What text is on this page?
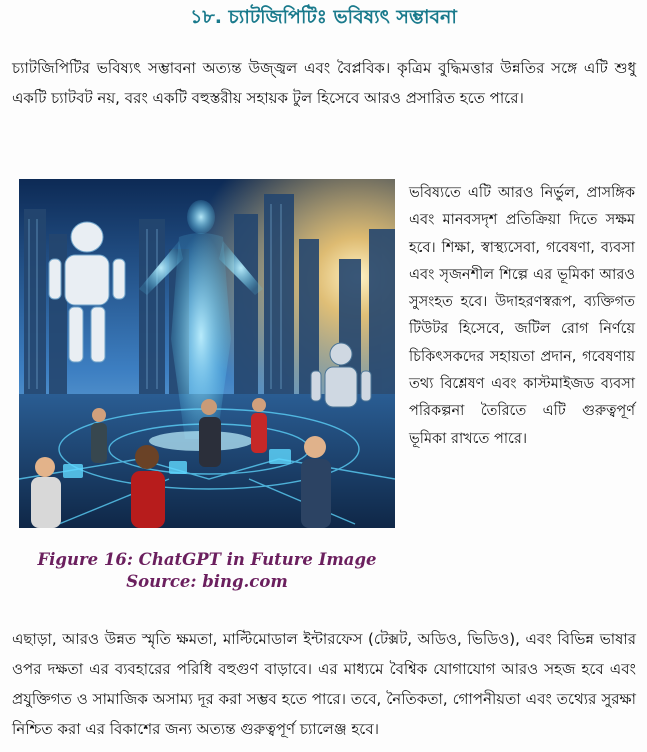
১৮. চ্যাটজিপিটিঃ ভবিষ্যৎ সম্ভাবনা
চ্যাটজিপিটির ভবিষ্যৎ সম্ভাবনা অত্যন্ত উজ্জ্বল এবং বৈপ্লবিক। কৃত্রিম বুদ্ধিমত্তার উন্নতির সঙ্গে এটি শুধু একটি চ্যাটবট নয়, বরং একটি বহুস্তরীয় সহায়ক টুল হিসেবে আরও প্রসারিত হতে পারে।
Figure 16: ChatGPT in Future Image Source: bing.com
ভবিষ্যতে এটি আরও নির্ভুল, প্রাসঙ্গিক এবং মানবসদৃশ প্রতিক্রিয়া দিতে সক্ষম হবে। শিক্ষা, স্বাস্থ্যসেবা, গবেষণা, ব্যবসা এবং সৃজনশীল শিল্পে এর ভূমিকা আরও সুসংহত হবে। উদাহরণস্বরূপ, ব্যক্তিগত টিউটর হিসেবে, জটিল রোগ নির্ণয়ে চিকিৎসকদের সহায়তা প্রদান, গবেষণায় তথ্য বিশ্লেষণ এবং কাস্টমাইজড ব্যবসা পরিকল্পনা তৈরিতে এটি গুরুত্বপূর্ণ ভূমিকা রাখতে পারে।
এছাড়া, আরও উন্নত স্মৃতি ক্ষমতা, মাল্টিমোডাল ইন্টারফেস (টেক্সট, অডিও, ভিডিও), এবং বিভিন্ন ভাষার ওপর দক্ষতা এর ব্যবহারের পরিধি বহুগুণ বাড়াবে। এর মাধ্যমে বৈশ্বিক যোগাযোগ আরও সহজ হবে এবং প্রযুক্তিগত ও সামাজিক অসাম্য দূর করা সম্ভব হতে পারে। তবে, নৈতিকতা, গোপনীয়তা এবং তথ্যের সুরক্ষা নিশ্চিত করা এর বিকাশের জন্য অত্যন্ত গুরুত্বপূর্ণ চ্যালেঞ্জ হবে।
